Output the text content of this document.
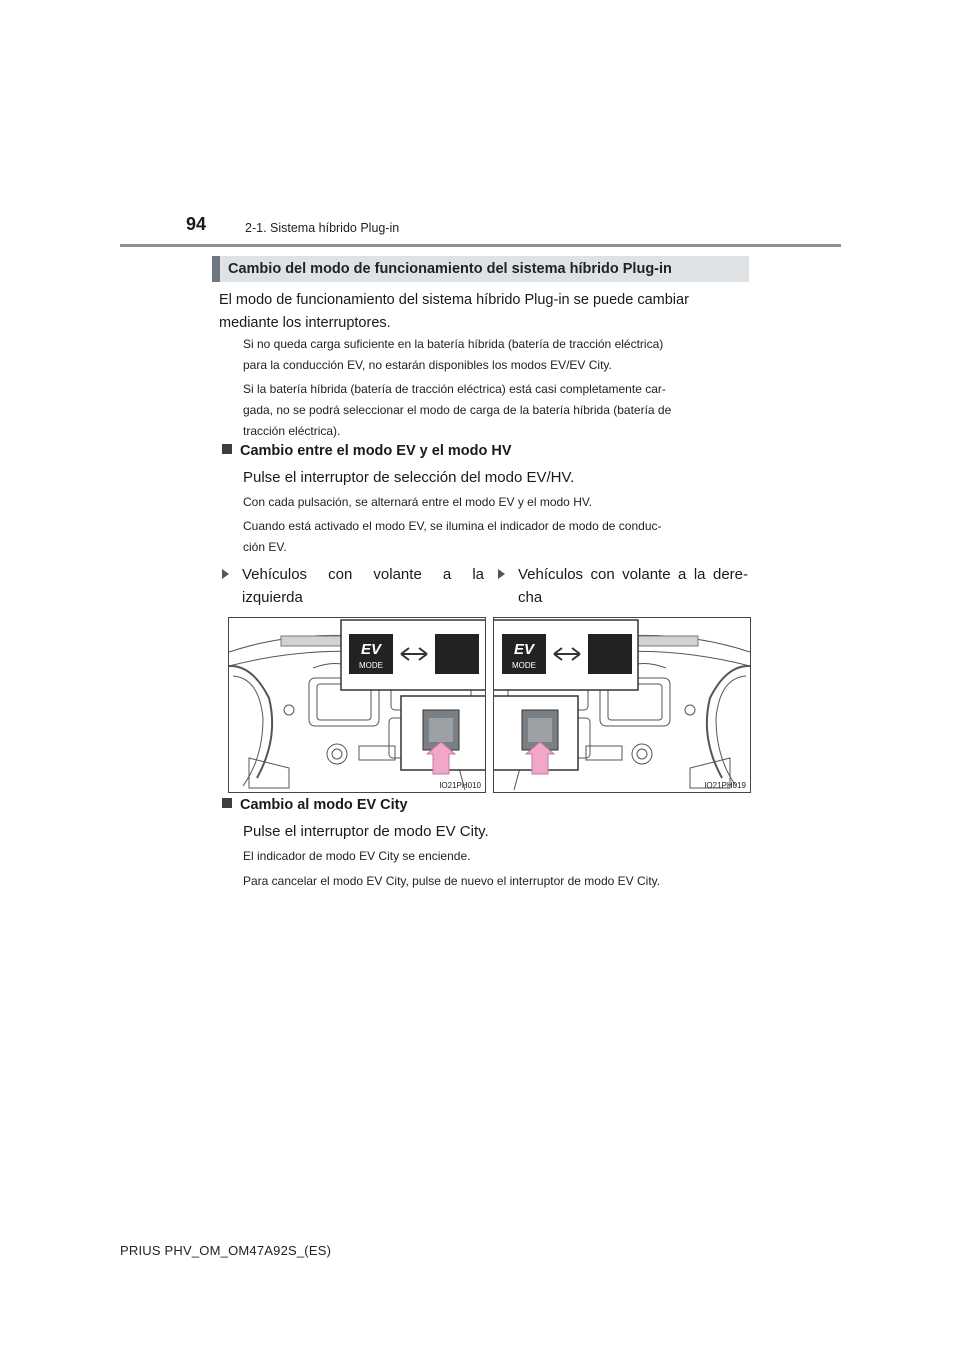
94	2-1. Sistema híbrido Plug-in
Cambio del modo de funcionamiento del sistema híbrido Plug-in
El modo de funcionamiento del sistema híbrido Plug-in se puede cambiar
mediante los interruptores.
Si no queda carga suficiente en la batería híbrida (batería de tracción eléctrica)
para la conducción EV, no estarán disponibles los modos EV/EV City.
Si la batería híbrida (batería de tracción eléctrica) está casi completamente car-
gada, no se podrá seleccionar el modo de carga de la batería híbrida (batería de
tracción eléctrica).
Cambio entre el modo EV y el modo HV
Pulse el interruptor de selección del modo EV/HV.
Con cada pulsación, se alternará entre el modo EV y el modo HV.
Cuando está activado el modo EV, se ilumina el indicador de modo de conduc-
ción EV.
Vehículos con volante a la
izquierda
Vehículos con volante a la dere-
cha
EV
MODE
IO21PH010
EV
MODE
IO21PH019
Cambio al modo EV City
Pulse el interruptor de modo EV City.
El indicador de modo EV City se enciende.
Para cancelar el modo EV City, pulse de nuevo el interruptor de modo EV City.
PRIUS PHV_OM_OM47A92S_(ES)
